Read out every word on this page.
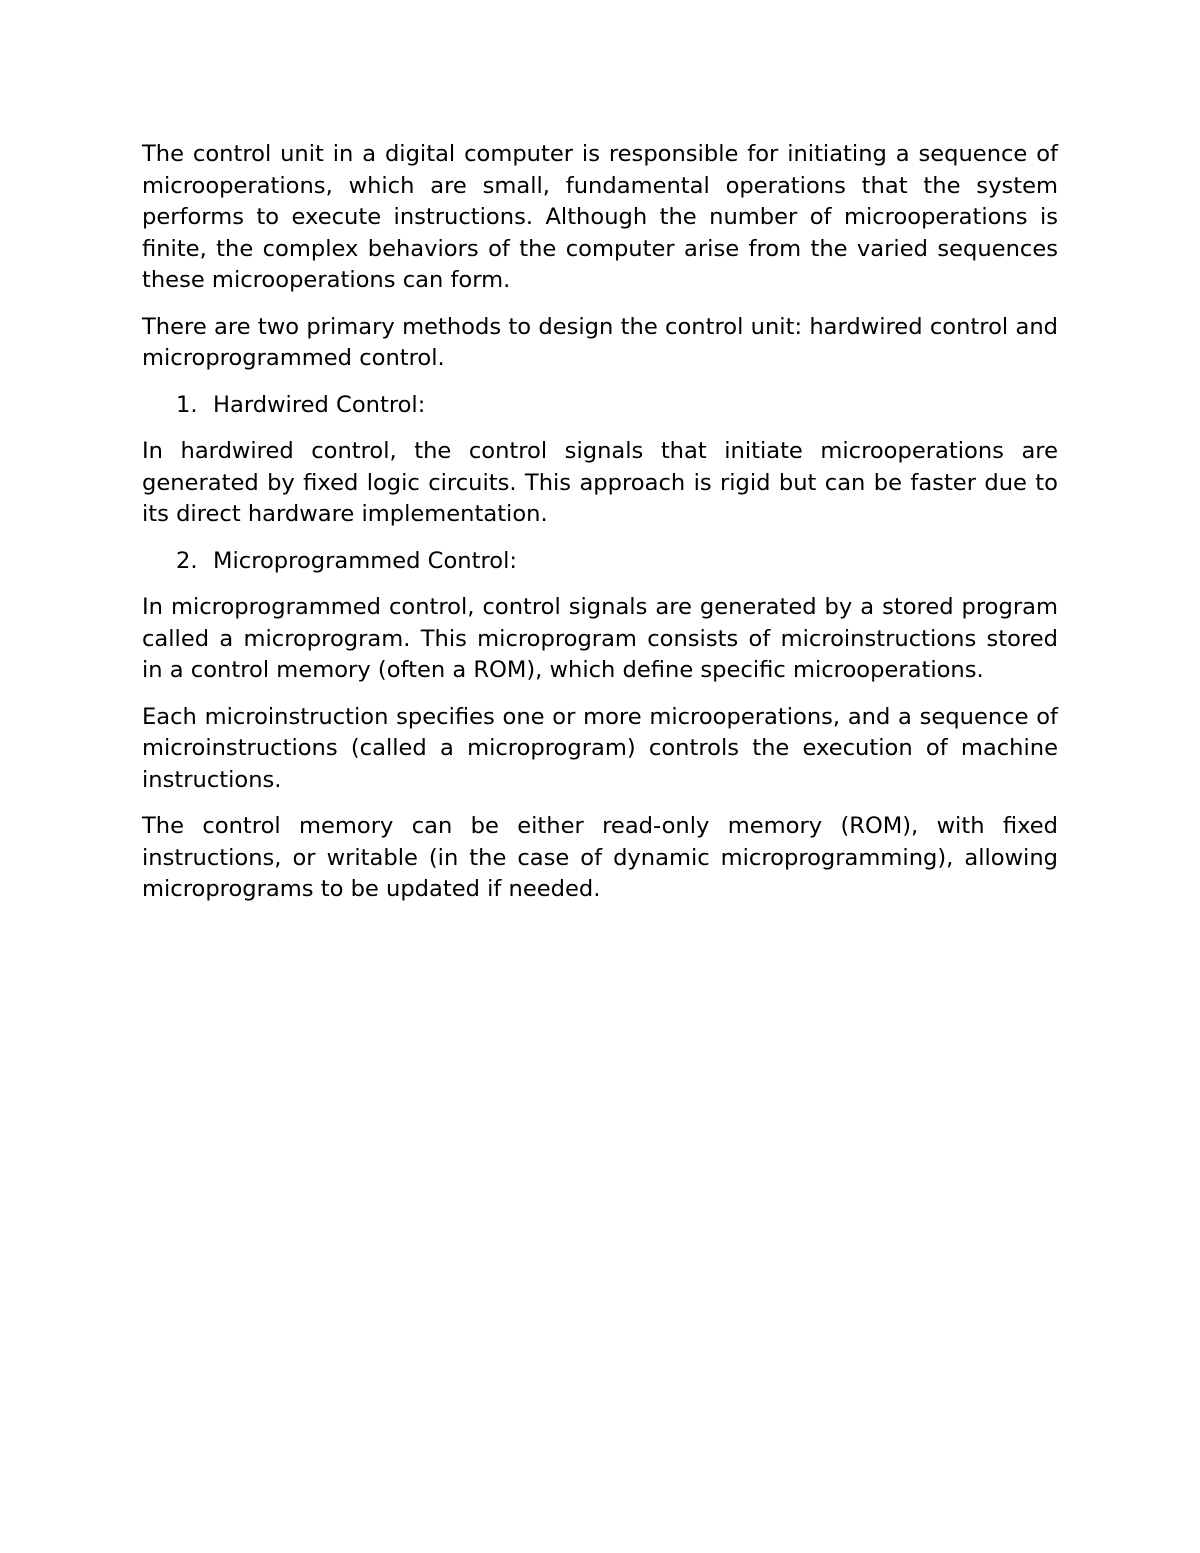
The control unit in a digital computer is responsible for initiating a sequence of microoperations, which are small, fundamental operations that the system performs to execute instructions. Although the number of microoperations is finite, the complex behaviors of the computer arise from the varied sequences these microoperations can form.

There are two primary methods to design the control unit: hardwired control and microprogrammed control.

1. Hardwired Control:

In hardwired control, the control signals that initiate microoperations are generated by fixed logic circuits. This approach is rigid but can be faster due to its direct hardware implementation.

2. Microprogrammed Control:

In microprogrammed control, control signals are generated by a stored program called a microprogram. This microprogram consists of microinstructions stored in a control memory (often a ROM), which define specific microoperations.

Each microinstruction specifies one or more microoperations, and a sequence of microinstructions (called a microprogram) controls the execution of machine instructions.

The control memory can be either read-only memory (ROM), with fixed instructions, or writable (in the case of dynamic microprogramming), allowing microprograms to be updated if needed.
